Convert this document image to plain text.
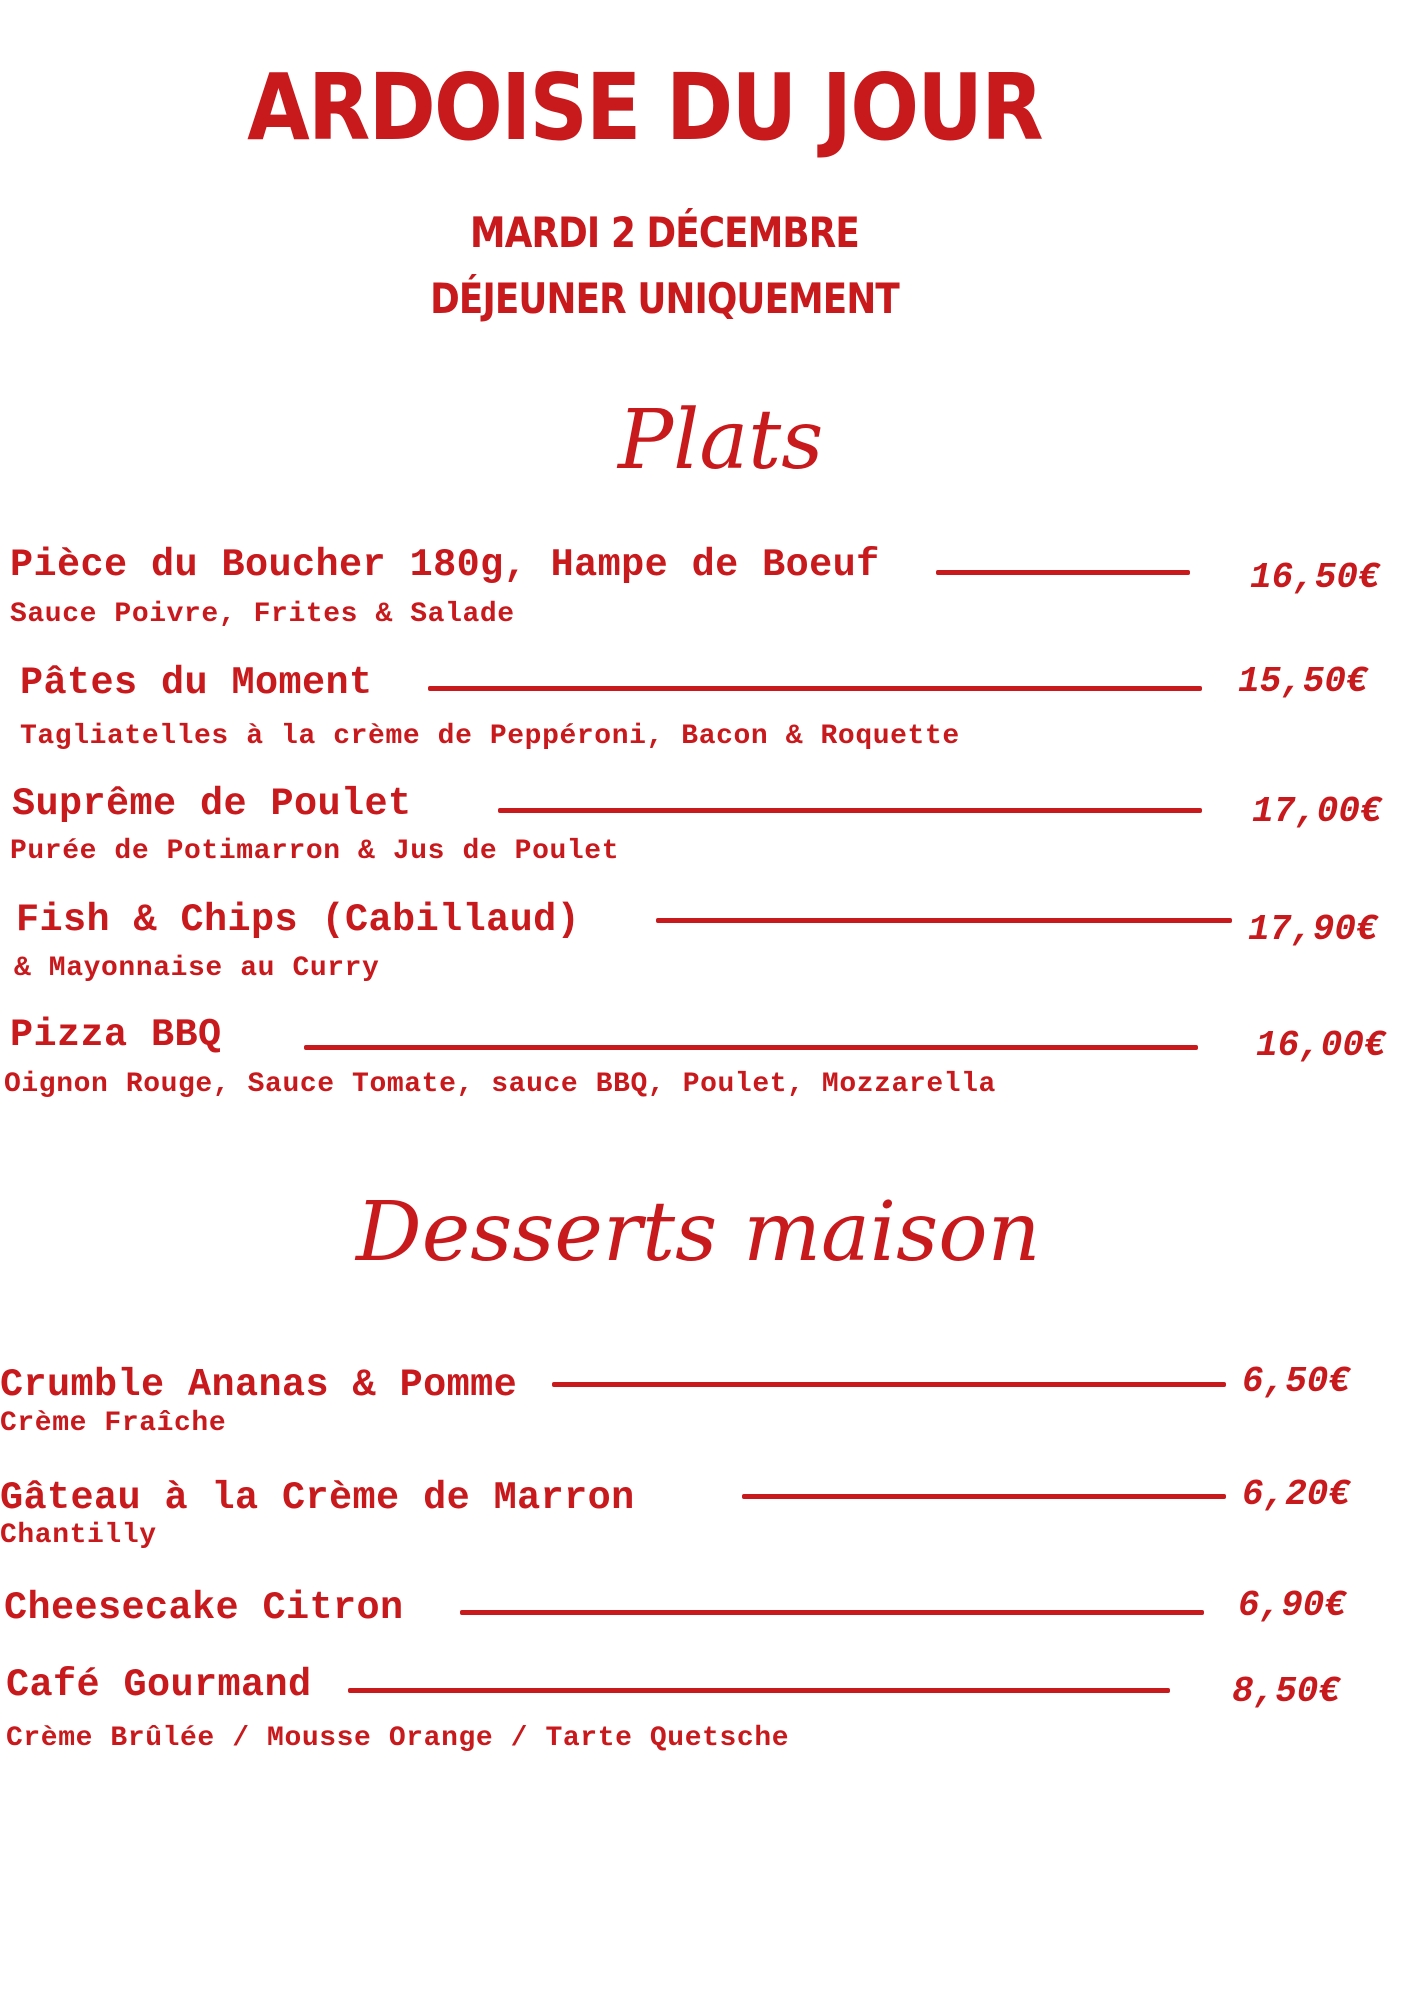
ARDOISE DU JOUR
MARDI 2 DÉCEMBRE
DÉJEUNER UNIQUEMENT
Plats
Pièce du Boucher 180g, Hampe de Boeuf	16,50€
Sauce Poivre, Frites & Salade
Pâtes du Moment	15,50€
Tagliatelles à la crème de Peppéroni, Bacon & Roquette
Suprême de Poulet	17,00€
Purée de Potimarron & Jus de Poulet
Fish & Chips (Cabillaud)	17,90€
& Mayonnaise au Curry
Pizza BBQ	16,00€
Oignon Rouge, Sauce Tomate, sauce BBQ, Poulet, Mozzarella
Desserts maison
Crumble Ananas & Pomme	6,50€
Crème Fraîche
Gâteau à la Crème de Marron	6,20€
Chantilly
Cheesecake Citron	6,90€
Café Gourmand	8,50€
Crème Brûlée / Mousse Orange / Tarte Quetsche
